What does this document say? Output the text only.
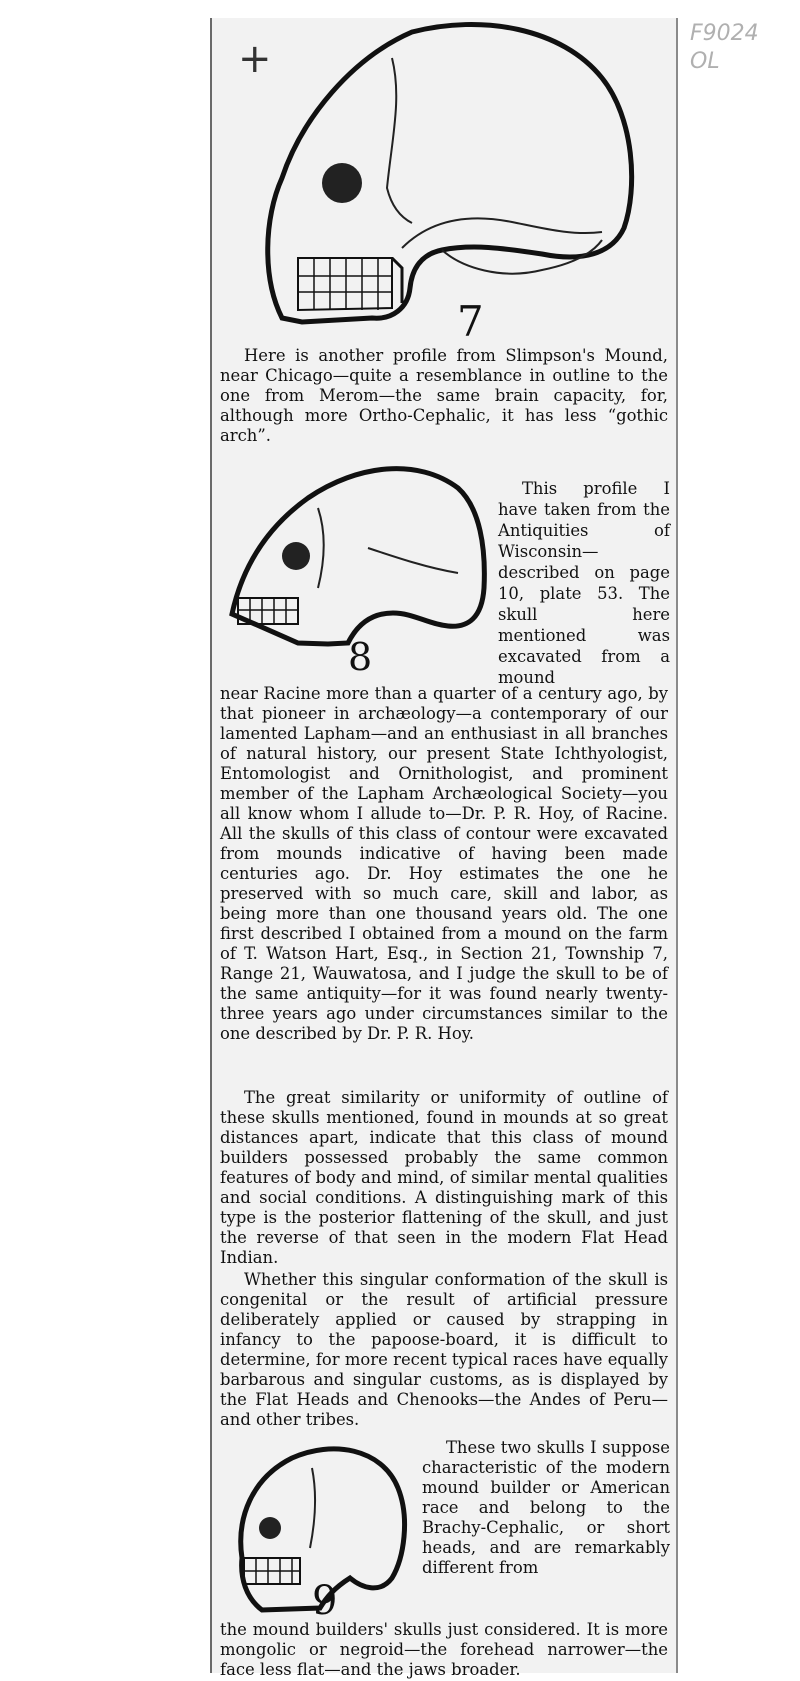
F9024
OL
+
7

Here is another profile from Slimpson's Mound, near Chicago—quite a resemblance in outline to the one from Merom—the same brain capacity, for, although more Ortho-Cephalic, it has less “gothic arch”.

8

This profile I have taken from the Antiquities of Wisconsin— described on page 10, plate 53. The skull here mentioned was excavated from a mound

near Racine more than a quarter of a century ago, by that pioneer in archæology—a contemporary of our lamented Lapham—and an enthusiast in all branches of natural history, our present State Ichthyologist, Entomologist and Ornithologist, and prominent member of the Lapham Archæological Society—you all know whom I allude to—Dr. P. R. Hoy, of Racine. All the skulls of this class of contour were excavated from mounds indicative of having been made centuries ago. Dr. Hoy estimates the one he preserved with so much care, skill and labor, as being more than one thousand years old. The one first described I obtained from a mound on the farm of T. Watson Hart, Esq., in Section 21, Township 7, Range 21, Wauwatosa, and I judge the skull to be of the same antiquity—for it was found nearly twenty-three years ago under circumstances similar to the one described by Dr. P. R. Hoy.

The great similarity or uniformity of outline of these skulls mentioned, found in mounds at so great distances apart, indicate that this class of mound builders possessed probably the same common features of body and mind, of similar mental qualities and social conditions. A distinguishing mark of this type is the posterior flattening of the skull, and just the reverse of that seen in the modern Flat Head Indian.

Whether this singular conformation of the skull is congenital or the result of artificial pressure deliberately applied or caused by strapping in infancy to the papoose-board, it is difficult to determine, for more recent typical races have equally barbarous and singular customs, as is displayed by the Flat Heads and Chenooks—the Andes of Peru—and other tribes.

9

These two skulls I suppose characteristic of the modern mound builder or American race and belong to the Brachy-Cephalic, or short heads, and are remarkably different from

the mound builders' skulls just considered. It is more mongolic or negroid—the forehead narrower—the face less flat—and the jaws broader.
